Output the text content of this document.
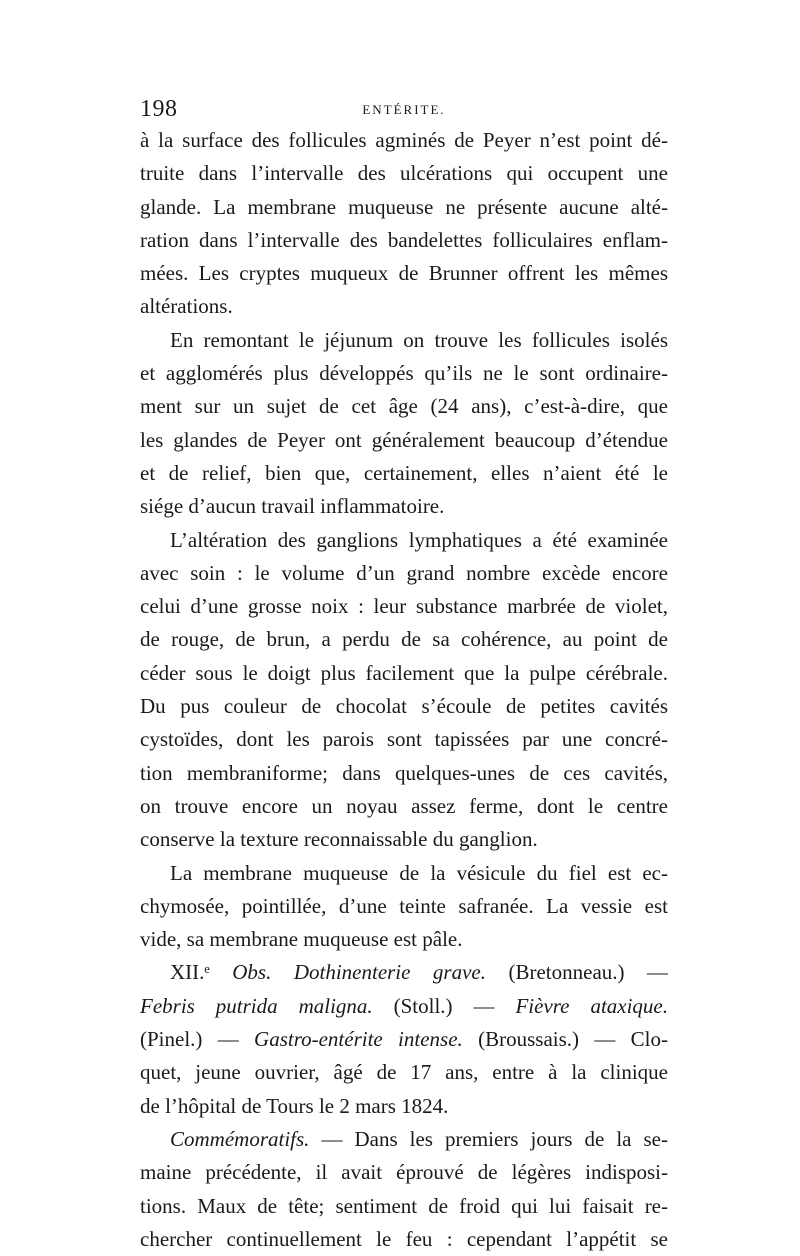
198	ENTÉRITE.
à la surface des follicules agminés de Peyer n’est point dé-
truite dans l’intervalle des ulcérations qui occupent une
glande. La membrane muqueuse ne présente aucune alté-
ration dans l’intervalle des bandelettes folliculaires enflam-
mées. Les cryptes muqueux de Brunner offrent les mêmes
altérations.
En remontant le jéjunum on trouve les follicules isolés
et agglomérés plus développés qu’ils ne le sont ordinaire-
ment sur un sujet de cet âge (24 ans), c’est-à-dire, que
les glandes de Peyer ont généralement beaucoup d’étendue
et de relief, bien que, certainement, elles n’aient été le
siége d’aucun travail inflammatoire.
L’altération des ganglions lymphatiques a été examinée
avec soin : le volume d’un grand nombre excède encore
celui d’une grosse noix : leur substance marbrée de violet,
de rouge, de brun, a perdu de sa cohérence, au point de
céder sous le doigt plus facilement que la pulpe cérébrale.
Du pus couleur de chocolat s’écoule de petites cavités
cystoïdes, dont les parois sont tapissées par une concré-
tion membraniforme; dans quelques-unes de ces cavités,
on trouve encore un noyau assez ferme, dont le centre
conserve la texture reconnaissable du ganglion.
La membrane muqueuse de la vésicule du fiel est ec-
chymosée, pointillée, d’une teinte safranée. La vessie est
vide, sa membrane muqueuse est pâle.
XII.ᵉ Obs. Dothinenterie grave. (Bretonneau.) —
Febris putrida maligna. (Stoll.) — Fièvre ataxique.
(Pinel.) — Gastro-entérite intense. (Broussais.) — Clo-
quet, jeune ouvrier, âgé de 17 ans, entre à la clinique
de l’hôpital de Tours le 2 mars 1824.
Commémoratifs. — Dans les premiers jours de la se-
maine précédente, il avait éprouvé de légères indisposi-
tions. Maux de tête; sentiment de froid qui lui faisait re-
chercher continuellement le feu : cependant l’appétit se
